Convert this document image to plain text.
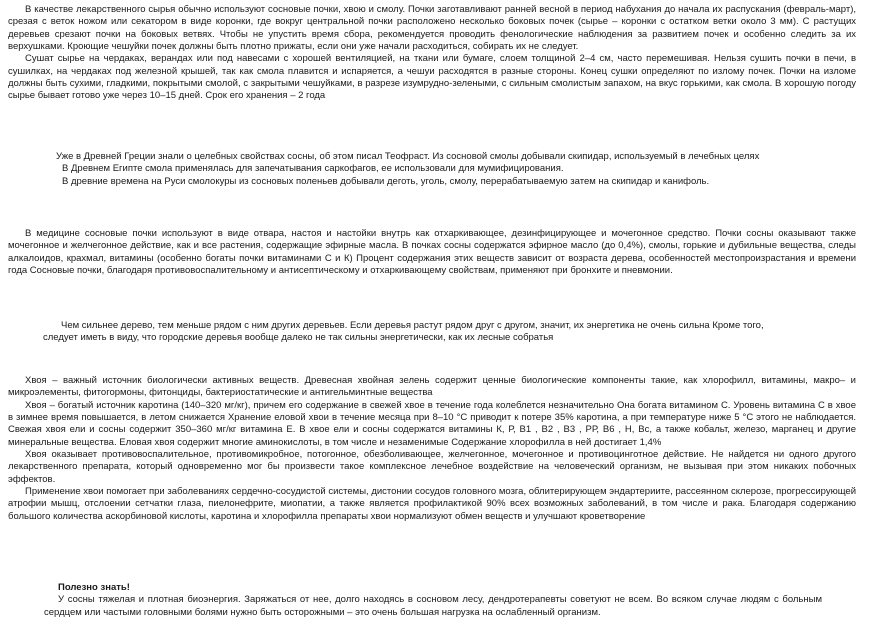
В качестве лекарственного сырья обычно используют сосновые почки, хвою и смолу. Почки заготавливают ранней весной в период набухания до начала их распускания (февраль-март), срезая с веток ножом или секатором в виде коронки, где вокруг центральной почки расположено несколько боковых почек (сырье – коронки с остатком ветки около 3 мм). С растущих деревьев срезают почки на боковых ветвях. Чтобы не упустить время сбора, рекомендуется проводить фенологические наблюдения за развитием почек и особенно следить за их верхушками. Кроющие чешуйки почек должны быть плотно прижаты, если они уже начали расходиться, собирать их не следует.

Сушат сырье на чердаках, верандах или под навесами с хорошей вентиляцией, на ткани или бумаге, слоем толщиной 2–4 см, часто перемешивая. Нельзя сушить почки в печи, в сушилках, на чердаках под железной крышей, так как смола плавится и испаряется, а чешуи расходятся в разные стороны. Конец сушки определяют по излому почек. Почки на изломе должны быть сухими, гладкими, покрытыми смолой, с закрытыми чешуйками, в разрезе изумрудно-зелеными, с сильным смолистым запахом, на вкус горькими, как смола. В хорошую погоду сырье бывает готово уже через 10–15 дней. Срок его хранения – 2 года

Уже в Древней Греции знали о целебных свойствах сосны, об этом писал Теофраст. Из сосновой смолы добывали скипидар, используемый в лечебных целях

В Древнем Египте смола применялась для запечатывания саркофагов, ее использовали для мумифицирования.

В древние времена на Руси смолокуры из сосновых поленьев добывали деготь, уголь, смолу, перерабатываемую затем на скипидар и канифоль.

В медицине сосновые почки используют в виде отвара, настоя и настойки внутрь как отхаркивающее, дезинфицирующее и мочегонное средство. Почки сосны оказывают также мочегонное и желчегонное действие, как и все растения, содержащие эфирные масла. В почках сосны содержатся эфирное масло (до 0,4%), смолы, горькие и дубильные вещества, следы алкалоидов, крахмал, витамины (особенно богаты почки витаминами С и К) Процент содержания этих веществ зависит от возраста дерева, особенностей местопроизрастания и времени года Сосновые почки, благодаря противовоспалительному и антисептическому и отхаркивающему свойствам, применяют при бронхите и пневмонии.

Чем сильнее дерево, тем меньше рядом с ним других деревьев. Если деревья растут рядом друг с другом, значит, их энергетика не очень сильна Кроме того, следует иметь в виду, что городские деревья вообще далеко не так сильны энергетически, как их лесные собратья

Хвоя – важный источник биологически активных веществ. Древесная хвойная зелень содержит ценные биологические компоненты такие, как хлорофилл, витамины, макро– и микроэлементы, фитогормоны, фитонциды, бактериостатические и антигельминтные вещества

Хвоя – богатый источник каротина (140–320 мг/кг), причем его содержание в свежей хвое в течение года колеблется незначительно Она богата витамином С. Уровень витамина С в хвое в зимнее время повышается, в летом снижается Хранение еловой хвои в течение месяца при 8–10 °C приводит к потере 35% каротина, а при температуре ниже 5 °C этого не наблюдается. Свежая хвоя ели и сосны содержит 350–360 мг/кг витамина Е. В хвое ели и сосны содержатся витамины К, Р, В1 , В2 , В3 , РР, В6 , Н, Вс, а также кобальт, железо, марганец и другие минеральные вещества. Еловая хвоя содержит многие аминокислоты, в том числе и незаменимые Содержание хлорофилла в ней достигает 1,4%

Хвоя оказывает противовоспалительное, противомикробное, потогонное, обезболивающее, желчегонное, мочегонное и противоцинготное действие. Не найдется ни одного другого лекарственного препарата, который одновременно мог бы произвести такое комплексное лечебное воздействие на человеческий организм, не вызывая при этом никаких побочных эффектов.

Применение хвои помогает при заболеваниях сердечно-сосудистой системы, дистонии сосудов головного мозга, облитерирующем эндартериите, рассеянном склерозе, прогрессирующей атрофии мышц, отслоении сетчатки глаза, пиелонефрите, миопатии, а также является профилактикой 90% всех возможных заболеваний, в том числе и рака. Благодаря содержанию большого количества аскорбиновой кислоты, каротина и хлорофилла препараты хвои нормализуют обмен веществ и улучшают кроветворение

Полезно знать!

У сосны тяжелая и плотная биоэнергия. Заряжаться от нее, долго находясь в сосновом лесу, дендротерапевты советуют не всем. Во всяком случае людям с больным сердцем или частыми головными болями нужно быть осторожными – это очень большая нагрузка на ослабленный организм.
